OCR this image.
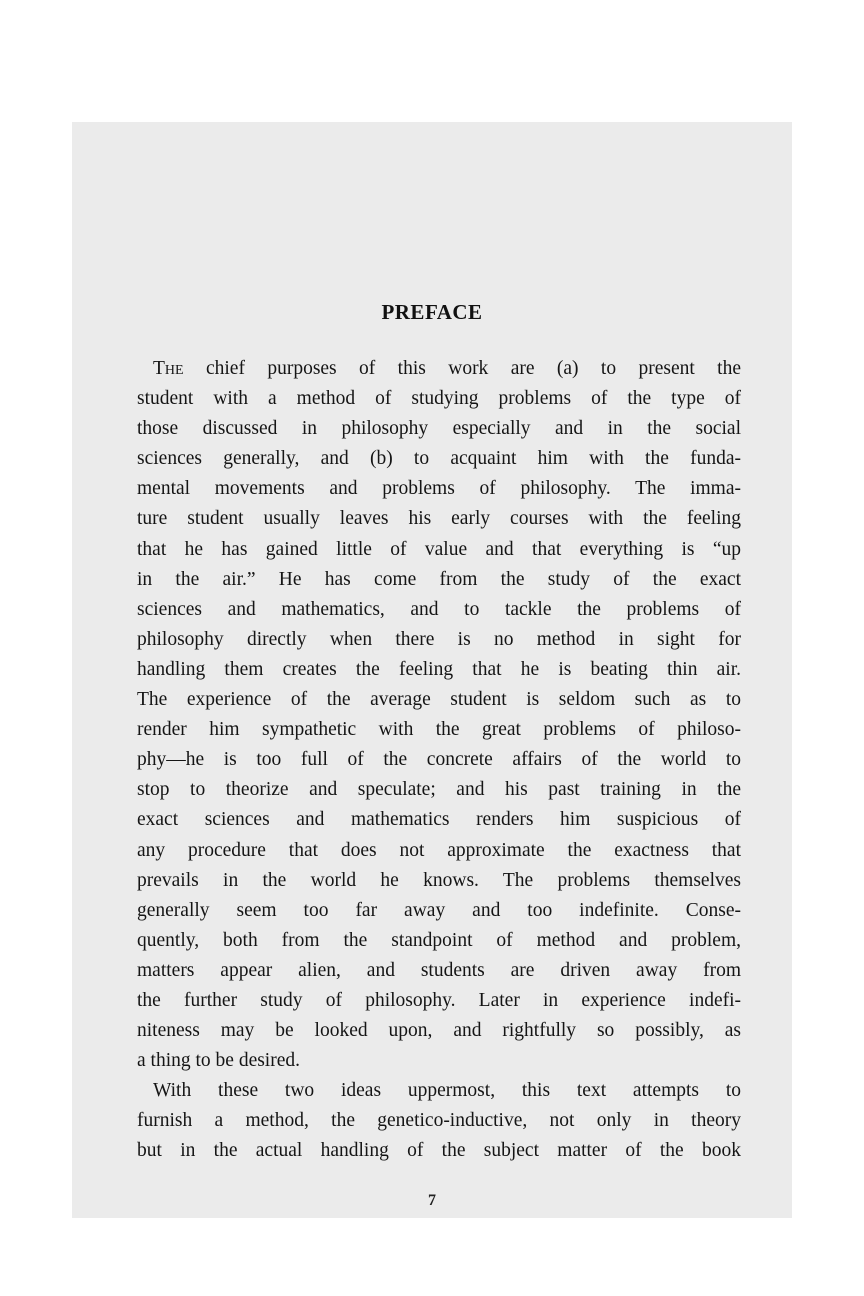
PREFACE
The chief purposes of this work are (a) to present the
student with a method of studying problems of the type of
those discussed in philosophy especially and in the social
sciences generally, and (b) to acquaint him with the funda-
mental movements and problems of philosophy. The imma-
ture student usually leaves his early courses with the feeling
that he has gained little of value and that everything is “up
in the air.” He has come from the study of the exact
sciences and mathematics, and to tackle the problems of
philosophy directly when there is no method in sight for
handling them creates the feeling that he is beating thin air.
The experience of the average student is seldom such as to
render him sympathetic with the great problems of philoso-
phy—he is too full of the concrete affairs of the world to
stop to theorize and speculate; and his past training in the
exact sciences and mathematics renders him suspicious of
any procedure that does not approximate the exactness that
prevails in the world he knows. The problems themselves
generally seem too far away and too indefinite. Conse-
quently, both from the standpoint of method and problem,
matters appear alien, and students are driven away from
the further study of philosophy. Later in experience indefi-
niteness may be looked upon, and rightfully so possibly, as
a thing to be desired.
With these two ideas uppermost, this text attempts to
furnish a method, the genetico-inductive, not only in theory
but in the actual handling of the subject matter of the book
7
